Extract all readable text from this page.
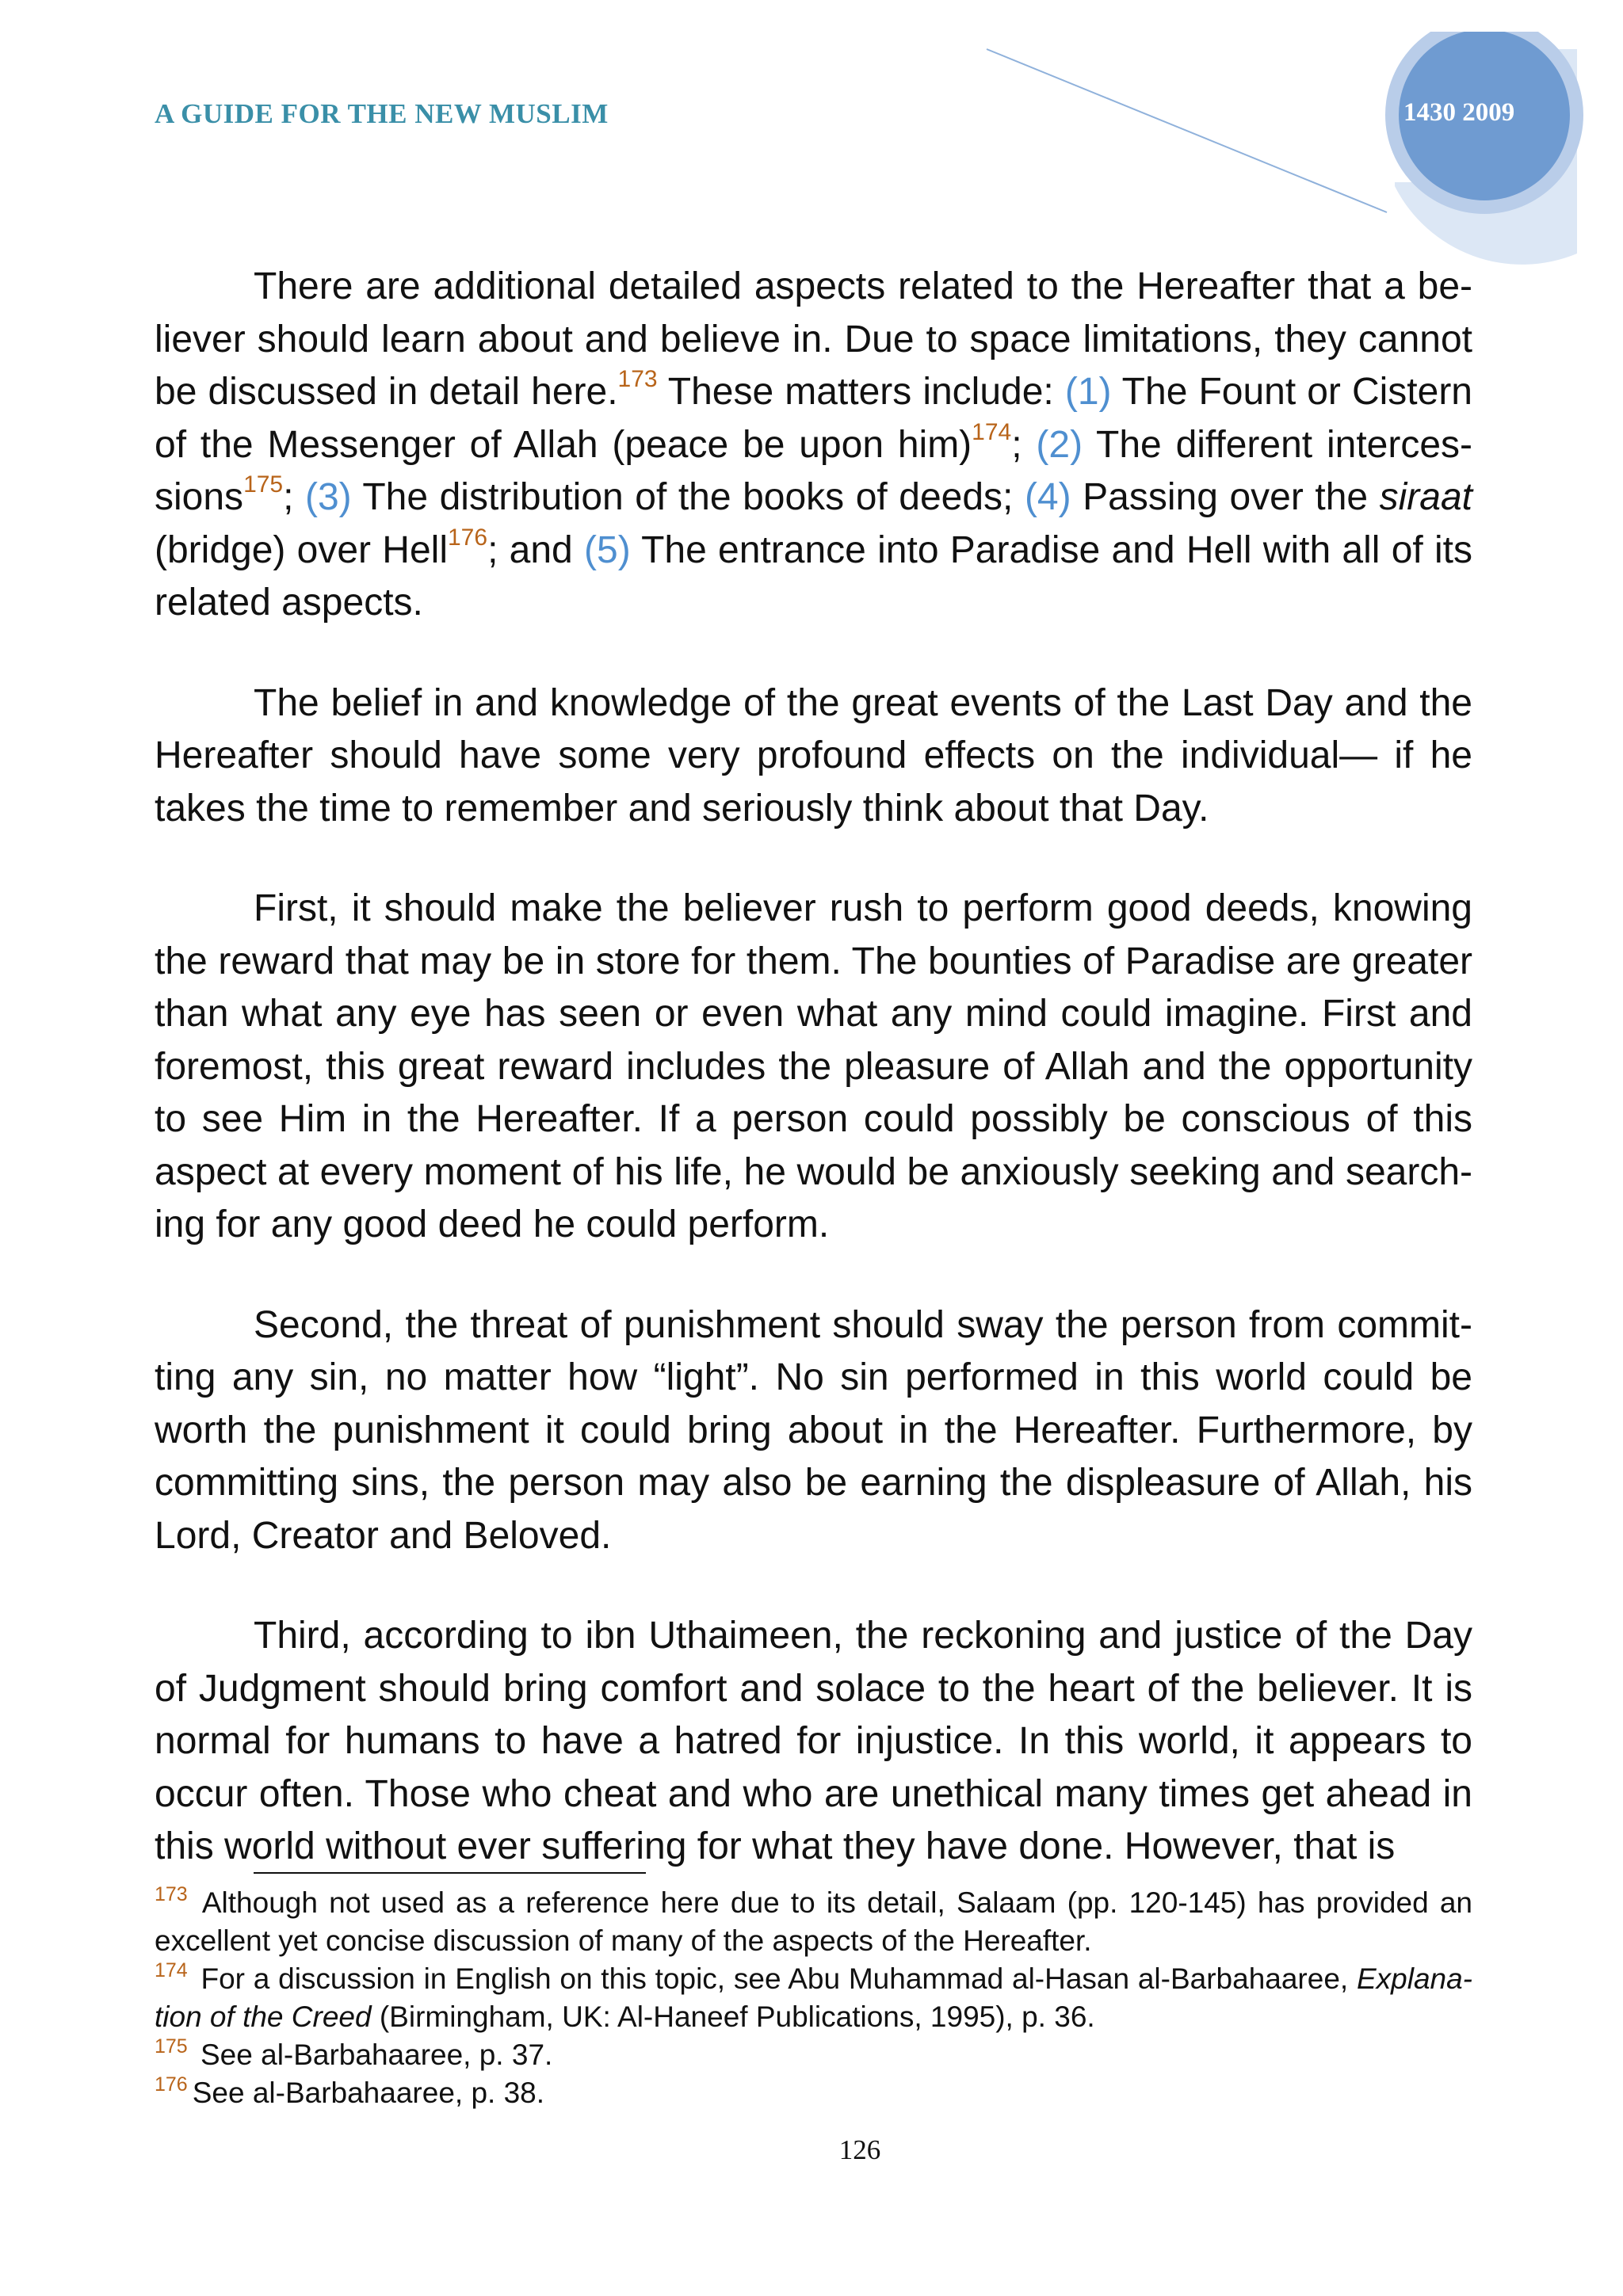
A GUIDE FOR THE NEW MUSLIM	1430 2009

There are additional detailed aspects related to the Hereafter that a be-liever should learn about and believe in. Due to space limitations, they cannot be discussed in detail here.$^{173}$ These matters include: (1) The Fount or Cistern of the Messenger of Allah (peace be upon him)$^{174}$; (2) The different interces-sions$^{175}$; (3) The distribution of the books of deeds; (4) Passing over the siraat (bridge) over Hell$^{176}$; and (5) The entrance into Paradise and Hell with all of its related aspects.

The belief in and knowledge of the great events of the Last Day and the Hereafter should have some very profound effects on the individual— if he takes the time to remember and seriously think about that Day.

First, it should make the believer rush to perform good deeds, knowing the reward that may be in store for them. The bounties of Paradise are greater than what any eye has seen or even what any mind could imagine. First and foremost, this great reward includes the pleasure of Allah and the opportunity to see Him in the Hereafter. If a person could possibly be conscious of this aspect at every moment of his life, he would be anxiously seeking and search-ing for any good deed he could perform.

Second, the threat of punishment should sway the person from commit-ting any sin, no matter how “light”. No sin performed in this world could be worth the punishment it could bring about in the Hereafter. Furthermore, by committing sins, the person may also be earning the displeasure of Allah, his Lord, Creator and Beloved.

Third, according to ibn Uthaimeen, the reckoning and justice of the Day of Judgment should bring comfort and solace to the heart of the believer. It is normal for humans to have a hatred for injustice. In this world, it appears to occur often. Those who cheat and who are unethical many times get ahead in this world without ever suffering for what they have done. However, that is

$^{173}$ Although not used as a reference here due to its detail, Salaam (pp. 120-145) has provided an excellent yet concise discussion of many of the aspects of the Hereafter.

$^{174}$ For a discussion in English on this topic, see Abu Muhammad al-Hasan al-Barbahaaree, Explana-tion of the Creed (Birmingham, UK: Al-Haneef Publications, 1995), p. 36.

$^{175}$ See al-Barbahaaree, p. 37.

$^{176}$ See al-Barbahaaree, p. 38.

126
